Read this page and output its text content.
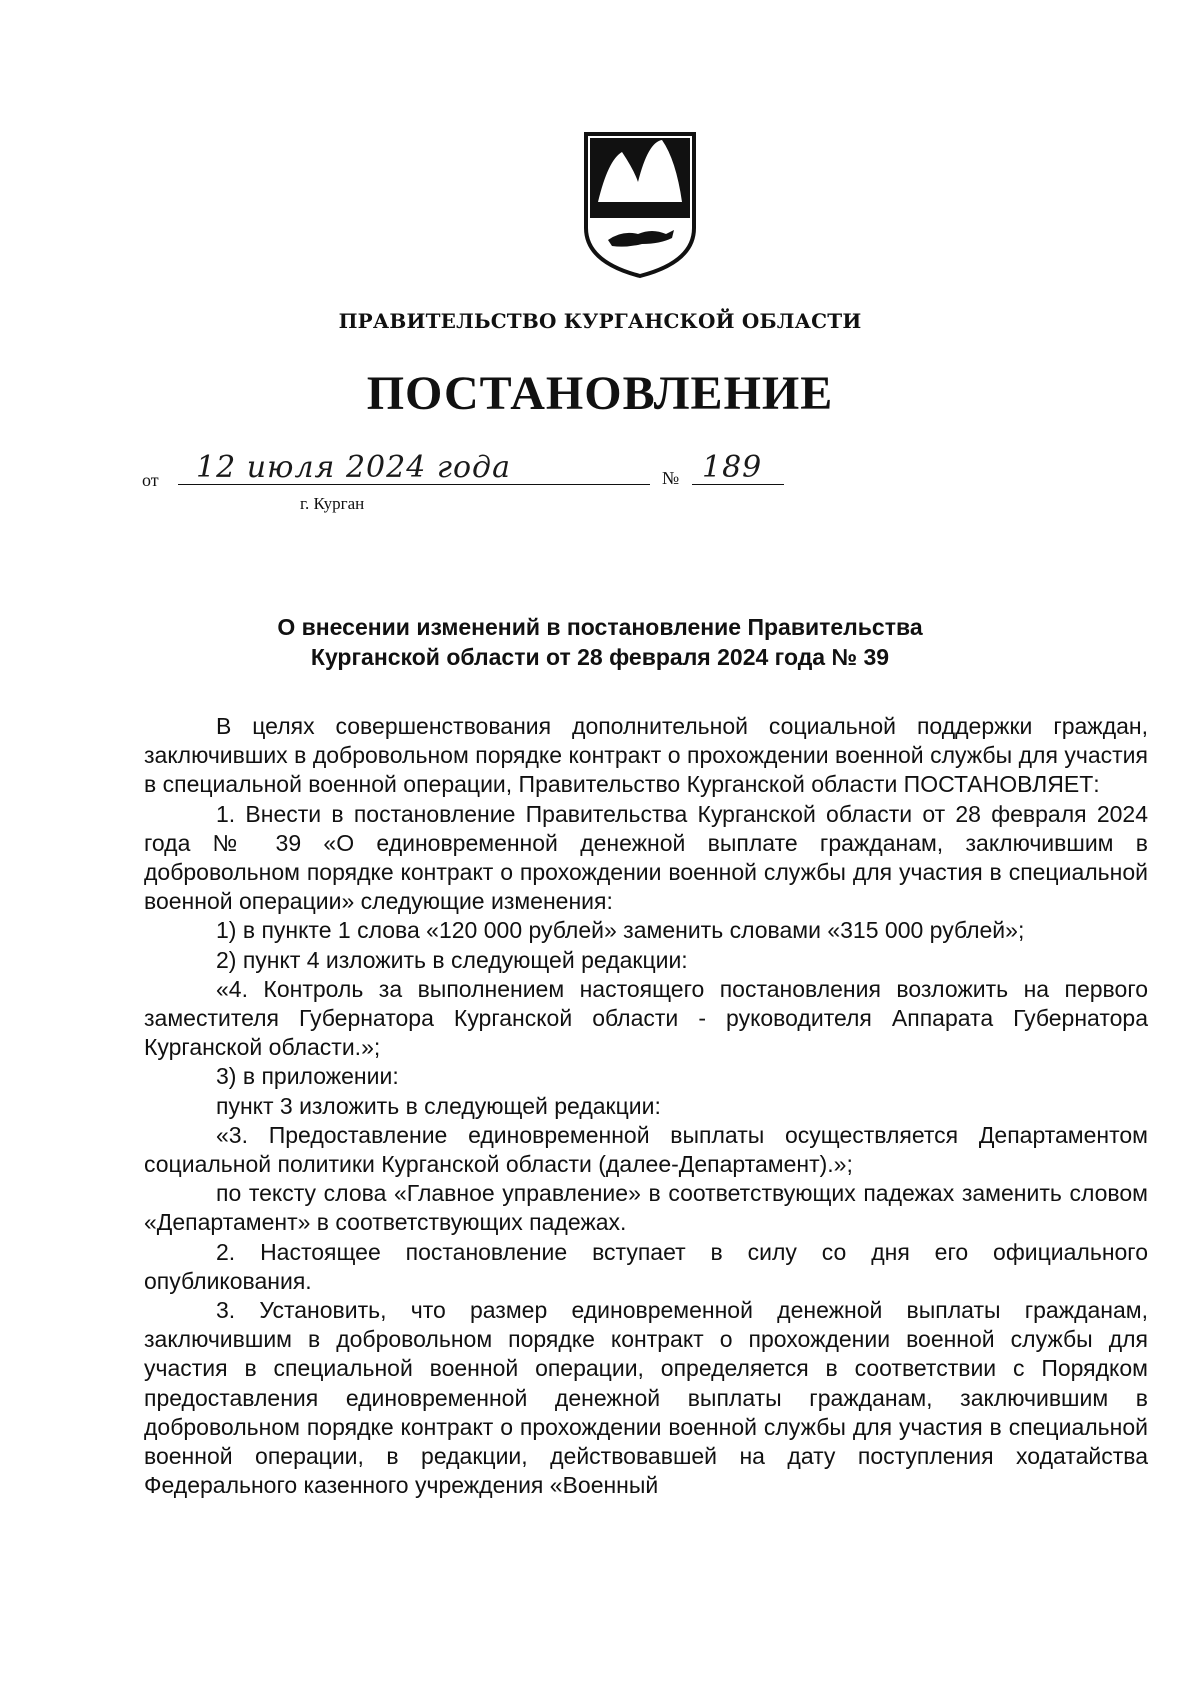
ПРАВИТЕЛЬСТВО КУРГАНСКОЙ ОБЛАСТИ
ПОСТАНОВЛЕНИЕ
от 12 июля 2024 года	№ 189
г. Курган
О внесении изменений в постановление Правительства
Курганской области от 28 февраля 2024 года № 39

В целях совершенствования дополнительной социальной поддержки граждан, заключивших в добровольном порядке контракт о прохождении военной службы для участия в специальной военной операции, Правительство Курганской области ПОСТАНОВЛЯЕТ:

1. Внести в постановление Правительства Курганской области от 28 февраля 2024 года № 39 «О единовременной денежной выплате гражданам, заключившим в добровольном порядке контракт о прохождении военной службы для участия в специальной военной операции» следующие изменения:

1) в пункте 1 слова «120 000 рублей» заменить словами «315 000 рублей»;

2) пункт 4 изложить в следующей редакции:

«4. Контроль за выполнением настоящего постановления возложить на первого заместителя Губернатора Курганской области - руководителя Аппарата Губернатора Курганской области.»;

3) в приложении:

пункт 3 изложить в следующей редакции:

«3. Предоставление единовременной выплаты осуществляется Департаментом социальной политики Курганской области (далее-Департамент).»;

по тексту слова «Главное управление» в соответствующих падежах заменить словом «Департамент» в соответствующих падежах.

2. Настоящее постановление вступает в силу со дня его официального опубликования.

3. Установить, что размер единовременной денежной выплаты гражданам, заключившим в добровольном порядке контракт о прохождении военной службы для участия в специальной военной операции, определяется в соответствии с Порядком предоставления единовременной денежной выплаты гражданам, заключившим в добровольном порядке контракт о прохождении военной службы для участия в специальной военной операции, в редакции, действовавшей на дату поступления ходатайства Федерального казенного учреждения «Военный
